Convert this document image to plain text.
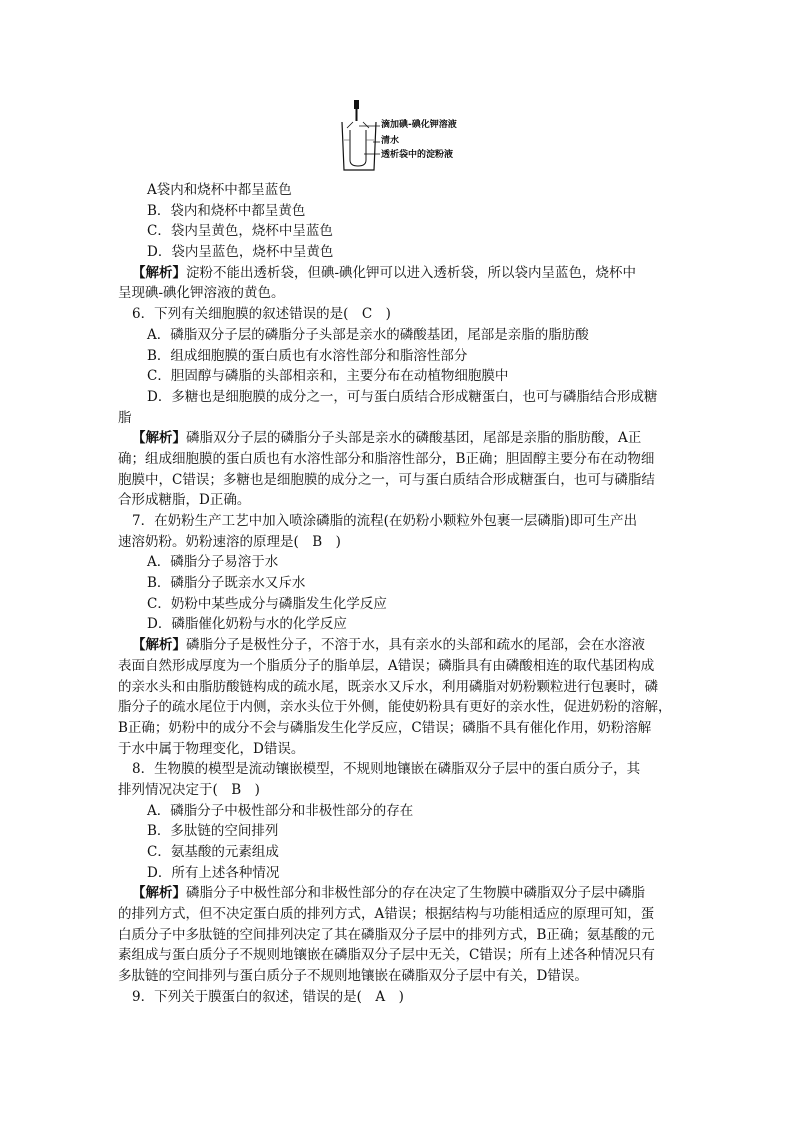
滴加碘-碘化钾溶液
清水
透析袋中的淀粉液
A袋内和烧杯中都呈蓝色
B．袋内和烧杯中都呈黄色
C．袋内呈黄色，烧杯中呈蓝色
D．袋内呈蓝色，烧杯中呈黄色
【解析】淀粉不能出透析袋，但碘-碘化钾可以进入透析袋，所以袋内呈蓝色，烧杯中
呈现碘-碘化钾溶液的黄色。
6．下列有关细胞膜的叙述错误的是(　C　)
A．磷脂双分子层的磷脂分子头部是亲水的磷酸基团，尾部是亲脂的脂肪酸
B．组成细胞膜的蛋白质也有水溶性部分和脂溶性部分
C．胆固醇与磷脂的头部相亲和，主要分布在动植物细胞膜中
D．多糖也是细胞膜的成分之一，可与蛋白质结合形成糖蛋白，也可与磷脂结合形成糖
脂
【解析】磷脂双分子层的磷脂分子头部是亲水的磷酸基团，尾部是亲脂的脂肪酸，A正
确；组成细胞膜的蛋白质也有水溶性部分和脂溶性部分，B正确；胆固醇主要分布在动物细
胞膜中，C错误；多糖也是细胞膜的成分之一，可与蛋白质结合形成糖蛋白，也可与磷脂结
合形成糖脂，D正确。
7．在奶粉生产工艺中加入喷涂磷脂的流程(在奶粉小颗粒外包裹一层磷脂)即可生产出
速溶奶粉。奶粉速溶的原理是(　B　)
A．磷脂分子易溶于水
B．磷脂分子既亲水又斥水
C．奶粉中某些成分与磷脂发生化学反应
D．磷脂催化奶粉与水的化学反应
【解析】磷脂分子是极性分子，不溶于水，具有亲水的头部和疏水的尾部，会在水溶液
表面自然形成厚度为一个脂质分子的脂单层，A错误；磷脂具有由磷酸相连的取代基团构成
的亲水头和由脂肪酸链构成的疏水尾，既亲水又斥水，利用磷脂对奶粉颗粒进行包裹时，磷
脂分子的疏水尾位于内侧，亲水头位于外侧，能使奶粉具有更好的亲水性，促进奶粉的溶解，
B正确；奶粉中的成分不会与磷脂发生化学反应，C错误；磷脂不具有催化作用，奶粉溶解
于水中属于物理变化，D错误。
8．生物膜的模型是流动镶嵌模型，不规则地镶嵌在磷脂双分子层中的蛋白质分子，其
排列情况决定于(　B　)
A．磷脂分子中极性部分和非极性部分的存在
B．多肽链的空间排列
C．氨基酸的元素组成
D．所有上述各种情况
【解析】磷脂分子中极性部分和非极性部分的存在决定了生物膜中磷脂双分子层中磷脂
的排列方式，但不决定蛋白质的排列方式，A错误；根据结构与功能相适应的原理可知，蛋
白质分子中多肽链的空间排列决定了其在磷脂双分子层中的排列方式，B正确；氨基酸的元
素组成与蛋白质分子不规则地镶嵌在磷脂双分子层中无关，C错误；所有上述各种情况只有
多肽链的空间排列与蛋白质分子不规则地镶嵌在磷脂双分子层中有关，D错误。
9．下列关于膜蛋白的叙述，错误的是(　A　)
